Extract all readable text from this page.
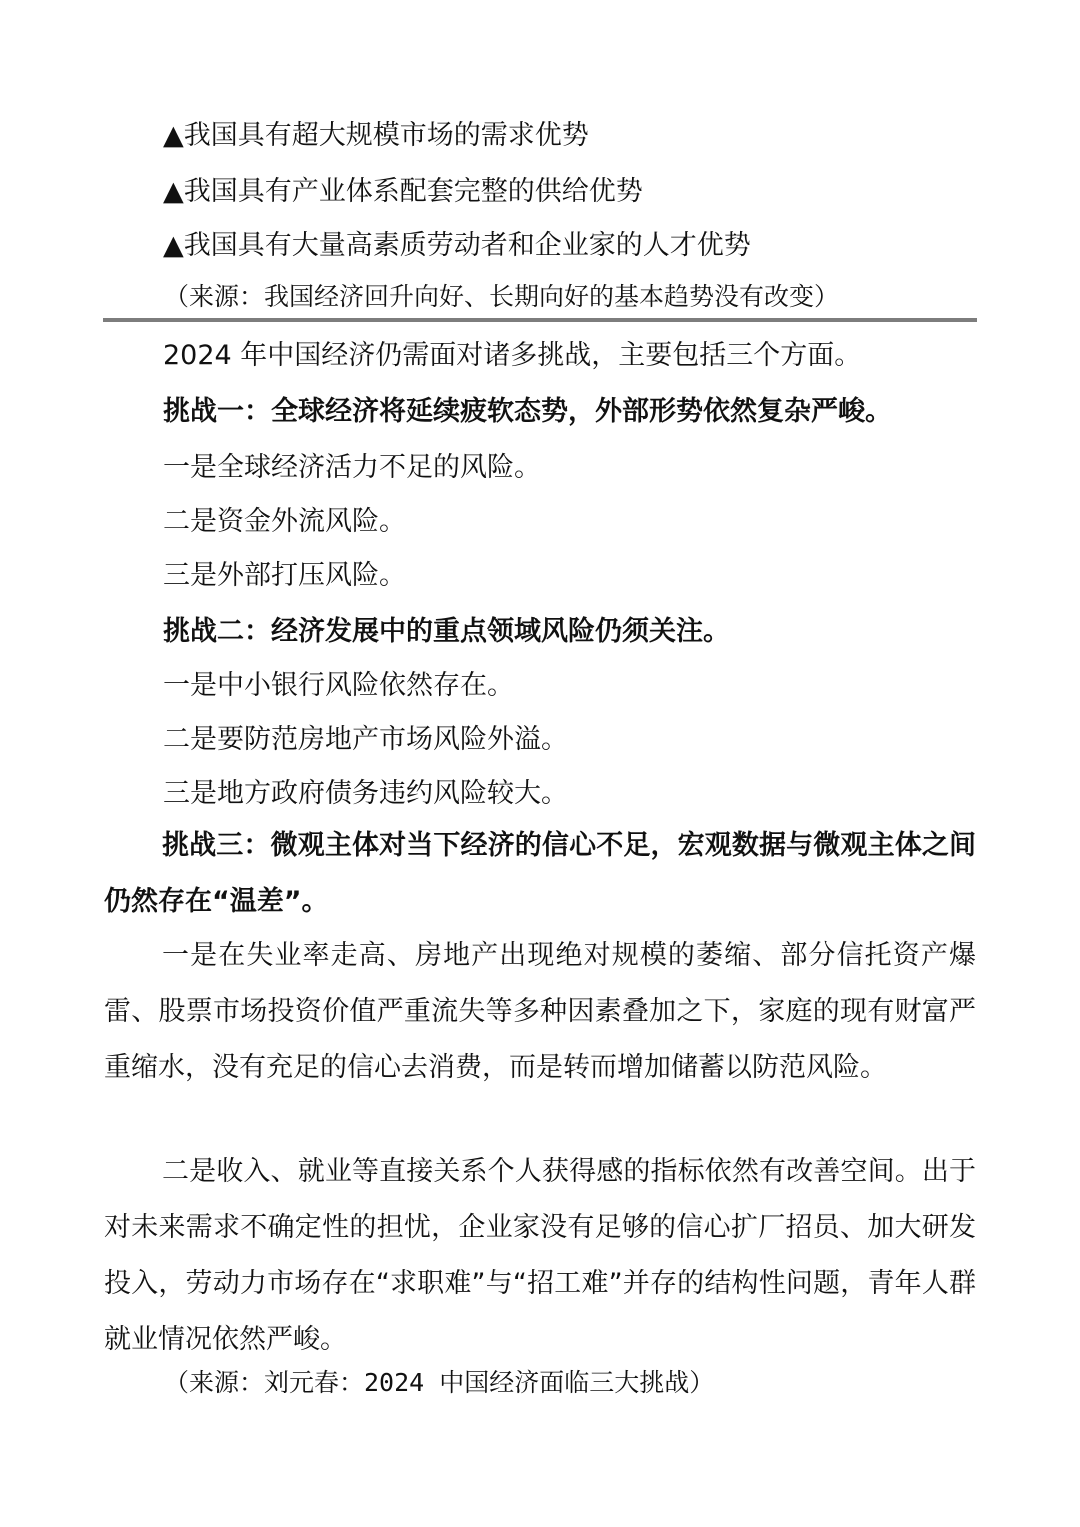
▲我国具有超大规模市场的需求优势
▲我国具有产业体系配套完整的供给优势
▲我国具有大量高素质劳动者和企业家的人才优势
（来源：我国经济回升向好、长期向好的基本趋势没有改变）
2024 年中国经济仍需面对诸多挑战，主要包括三个方面。
挑战一：全球经济将延续疲软态势，外部形势依然复杂严峻。
一是全球经济活力不足的风险。
二是资金外流风险。
三是外部打压风险。
挑战二：经济发展中的重点领域风险仍须关注。
一是中小银行风险依然存在。
二是要防范房地产市场风险外溢。
三是地方政府债务违约风险较大。
挑战三：微观主体对当下经济的信心不足，宏观数据与微观主体之间仍然存在“温差”。
一是在失业率走高、房地产出现绝对规模的萎缩、部分信托资产爆雷、股票市场投资价值严重流失等多种因素叠加之下，家庭的现有财富严重缩水，没有充足的信心去消费，而是转而增加储蓄以防范风险。
二是收入、就业等直接关系个人获得感的指标依然有改善空间。出于对未来需求不确定性的担忧，企业家没有足够的信心扩厂招员、加大研发投入，劳动力市场存在“求职难”与“招工难”并存的结构性问题，青年人群就业情况依然严峻。
（来源：刘元春：2024 中国经济面临三大挑战）
